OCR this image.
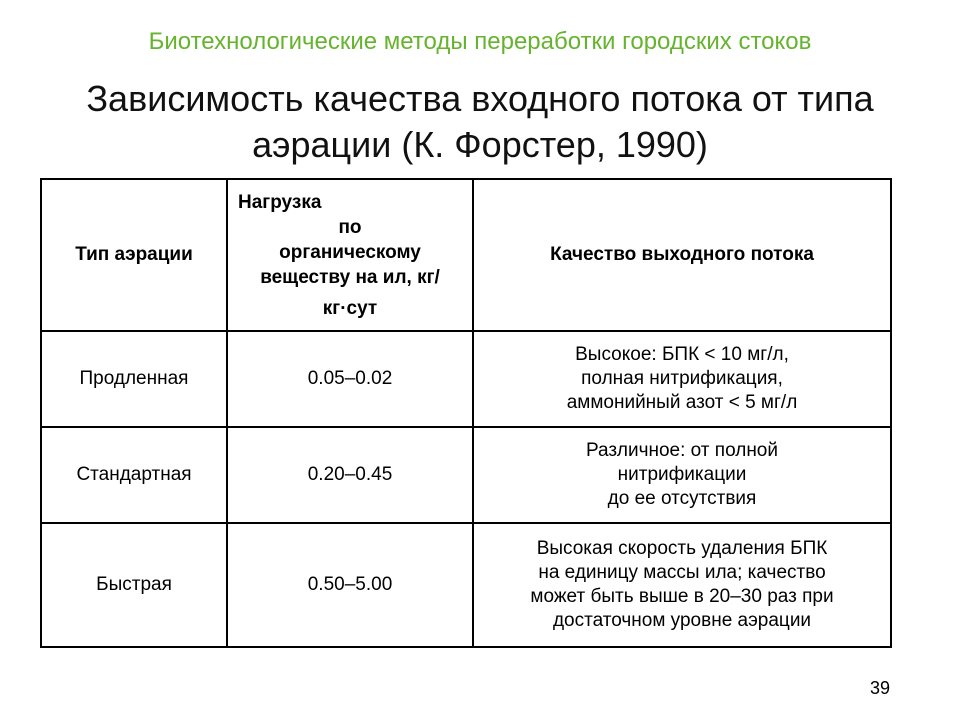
Биотехнологические методы переработки городских стоков
Зависимость качества входного потока от типа
аэрации (К. Форстер, 1990)
Тип аэрации	Нагрузка
по
органическому
веществу на ил, кг/
кг·сут	Качество выходного потока
Продленная	0.05–0.02	Высокое: БПК < 10 мг/л,
полная нитрификация,
аммонийный азот < 5 мг/л

Стандартная	0.20–0.45	Различное: от полной
нитрификации
до ее отсутствия

Быстрая	0.50–5.00	Высокая скорость удаления БПК
на единицу массы ила; качество
может быть выше в 20–30 раз при
достаточном уровне аэрации
39
